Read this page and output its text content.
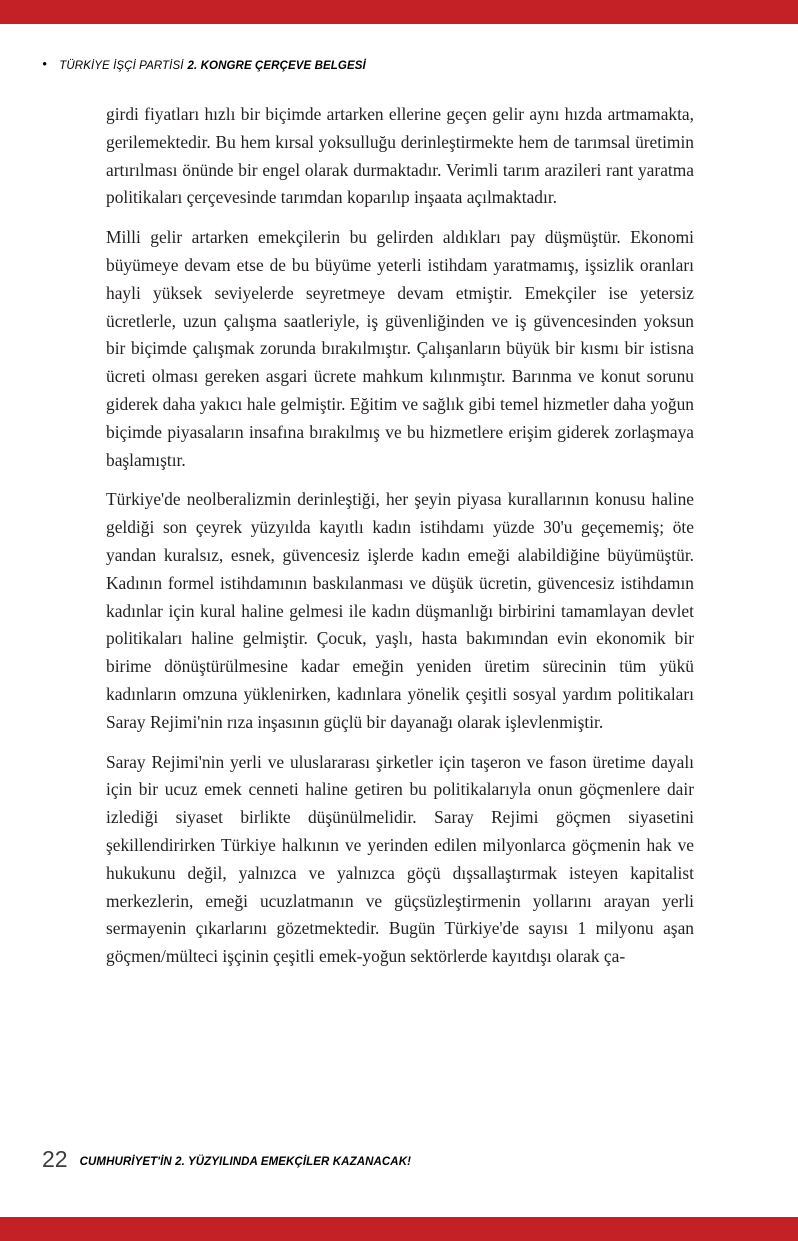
• TÜRKİYE İŞÇİ PARTİSİ 2. KONGRE ÇERÇEVE BELGESİ

girdi fiyatları hızlı bir biçimde artarken ellerine geçen gelir aynı hızda artmamakta, gerilemektedir. Bu hem kırsal yoksulluğu derinleştirmekte hem de tarımsal üretimin artırılması önünde bir engel olarak durmaktadır. Verimli tarım arazileri rant yaratma politikaları çerçevesinde tarımdan koparılıp inşaata açılmaktadır.

Milli gelir artarken emekçilerin bu gelirden aldıkları pay düşmüştür. Ekonomi büyümeye devam etse de bu büyüme yeterli istihdam yaratmamış, işsizlik oranları hayli yüksek seviyelerde seyretmeye devam etmiştir. Emekçiler ise yetersiz ücretlerle, uzun çalışma saatleriyle, iş güvenliğinden ve iş güvencesinden yoksun bir biçimde çalışmak zorunda bırakılmıştır. Çalışanların büyük bir kısmı bir istisna ücreti olması gereken asgari ücrete mahkum kılınmıştır. Barınma ve konut sorunu giderek daha yakıcı hale gelmiştir. Eğitim ve sağlık gibi temel hizmetler daha yoğun biçimde piyasaların insafına bırakılmış ve bu hizmetlere erişim giderek zorlaşmaya başlamıştır.

Türkiye'de neolberalizmin derinleştiği, her şeyin piyasa kurallarının konusu haline geldiği son çeyrek yüzyılda kayıtlı kadın istihdamı yüzde 30'u geçememiş; öte yandan kuralsız, esnek, güvencesiz işlerde kadın emeği alabildiğine büyümüştür. Kadının formel istihdamının baskılanması ve düşük ücretin, güvencesiz istihdamın kadınlar için kural haline gelmesi ile kadın düşmanlığı birbirini tamamlayan devlet politikaları haline gelmiştir. Çocuk, yaşlı, hasta bakımından evin ekonomik bir birime dönüştürülmesine kadar emeğin yeniden üretim sürecinin tüm yükü kadınların omzuna yüklenirken, kadınlara yönelik çeşitli sosyal yardım politikaları Saray Rejimi'nin rıza inşasının güçlü bir dayanağı olarak işlevlenmiştir.

Saray Rejimi'nin yerli ve uluslararası şirketler için taşeron ve fason üretime dayalı için bir ucuz emek cenneti haline getiren bu politikalarıyla onun göçmenlere dair izlediği siyaset birlikte düşünülmelidir. Saray Rejimi göçmen siyasetini şekillendirirken Türkiye halkının ve yerinden edilen milyonlarca göçmenin hak ve hukukunu değil, yalnızca ve yalnızca göçü dışsallaştırmak isteyen kapitalist merkezlerin, emeği ucuzlatmanın ve güçsüzleştirmenin yollarını arayan yerli sermayenin çıkarlarını gözetmektedir. Bugün Türkiye'de sayısı 1 milyonu aşan göçmen/mülteci işçinin çeşitli emek-yoğun sektörlerde kayıtdışı olarak ça-

22 CUMHURİYET'İN 2. YÜZYILINDA EMEKÇİLER KAZANACAK!
